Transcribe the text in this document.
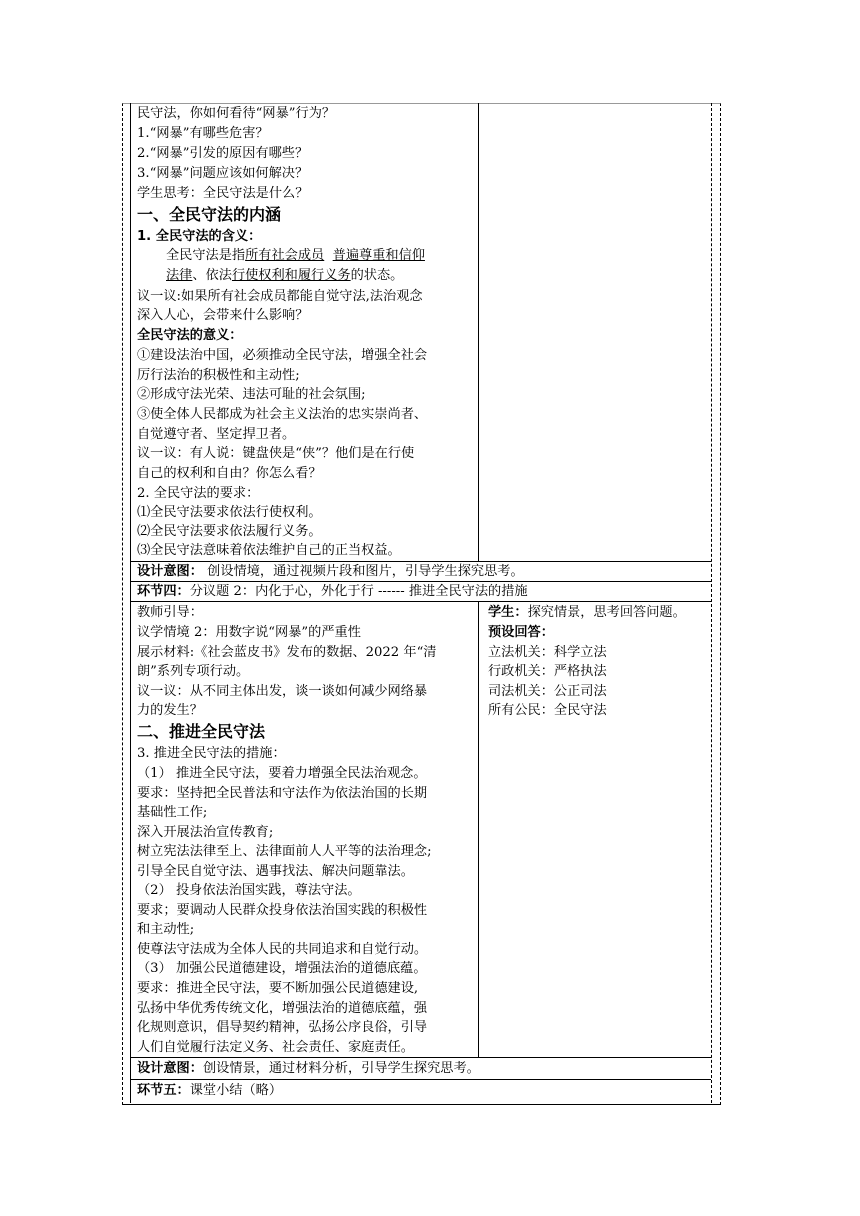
民守法，你如何看待“网暴”行为？
1.“网暴”有哪些危害？
2.“网暴”引发的原因有哪些？
3.“网暴”问题应该如何解决？
学生思考：全民守法是什么？
一、全民守法的内涵
1. 全民守法的含义：
全民守法是指所有社会成员 普遍尊重和信仰
法律、依法行使权利和履行义务的状态。
议一议:如果所有社会成员都能自觉守法,法治观念
深入人心，会带来什么影响？
全民守法的意义：
①建设法治中国，必须推动全民守法，增强全社会
厉行法治的积极性和主动性;
②形成守法光荣、违法可耻的社会氛围;
③使全体人民都成为社会主义法治的忠实崇尚者、
自觉遵守者、坚定捍卫者。
议一议：有人说：键盘侠是“侠”？他们是在行使
自己的权利和自由？你怎么看？
2. 全民守法的要求：
⑴全民守法要求依法行使权利。
⑵全民守法要求依法履行义务。
⑶全民守法意味着依法维护自己的正当权益。
设计意图： 创设情境，通过视频片段和图片，引导学生探究思考。
环节四：分议题 2：内化于心，外化于行 ------ 推进全民守法的措施
教师引导：
议学情境 2：用数字说“网暴”的严重性
展示材料:《社会蓝皮书》发布的数据、2022 年“清
朗”系列专项行动。
议一议：从不同主体出发，谈一谈如何减少网络暴
力的发生？
二、推进全民守法
3. 推进全民守法的措施：
（1） 推进全民守法，要着力增强全民法治观念。
要求：坚持把全民普法和守法作为依法治国的长期
基础性工作;
深入开展法治宣传教育;
树立宪法法律至上、法律面前人人平等的法治理念;
引导全民自觉守法、遇事找法、解决问题靠法。
（2） 投身依法治国实践，尊法守法。
要求；要调动人民群众投身依法治国实践的积极性
和主动性;
使尊法守法成为全体人民的共同追求和自觉行动。
（3） 加强公民道德建设，增强法治的道德底蕴。
要求：推进全民守法，要不断加强公民道德建设,
弘扬中华优秀传统文化，增强法治的道德底蕴，强
化规则意识，倡导契约精神，弘扬公序良俗，引导
人们自觉履行法定义务、社会责任、家庭责任。
学生：探究情景，思考回答问题。
预设回答：
立法机关：科学立法
行政机关：严格执法
司法机关：公正司法
所有公民：全民守法
设计意图：创设情景，通过材料分析，引导学生探究思考。
环节五：课堂小结（略）
